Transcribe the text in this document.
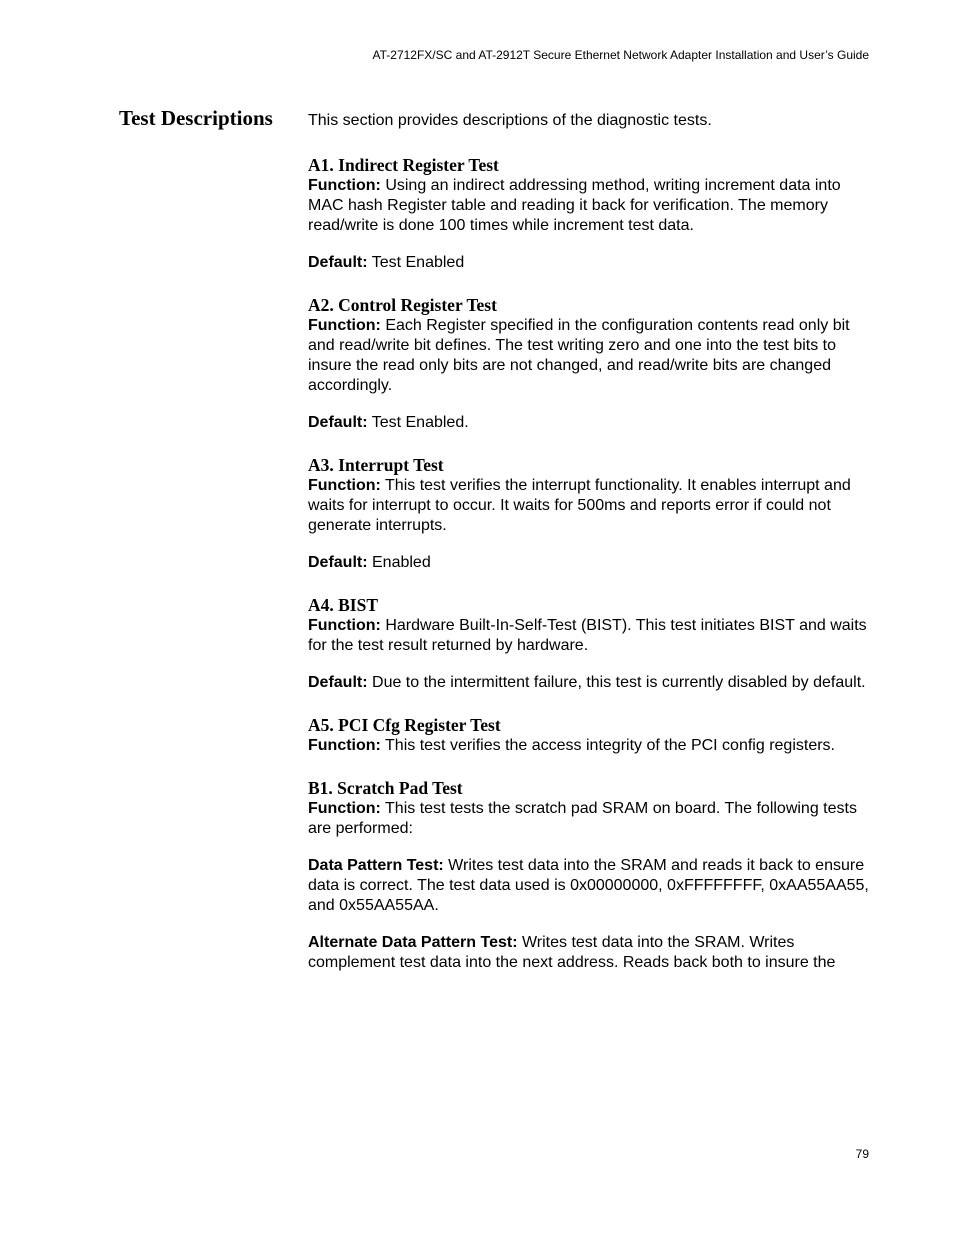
AT-2712FX/SC and AT-2912T Secure Ethernet Network Adapter Installation and User’s Guide
Test Descriptions This section provides descriptions of the diagnostic tests.

A1. Indirect Register Test

Function: Using an indirect addressing method, writing increment data into MAC hash Register table and reading it back for verification. The memory read/write is done 100 times while increment test data.

Default: Test Enabled

A2. Control Register Test

Function: Each Register specified in the configuration contents read only bit and read/write bit defines. The test writing zero and one into the test bits to insure the read only bits are not changed, and read/write bits are changed accordingly.

Default: Test Enabled.

A3. Interrupt Test

Function: This test verifies the interrupt functionality. It enables interrupt and waits for interrupt to occur. It waits for 500ms and reports error if could not generate interrupts.

Default: Enabled

A4. BIST

Function: Hardware Built-In-Self-Test (BIST). This test initiates BIST and waits for the test result returned by hardware.

Default: Due to the intermittent failure, this test is currently disabled by default.

A5. PCI Cfg Register Test

Function: This test verifies the access integrity of the PCI config registers.

B1. Scratch Pad Test

Function: This test tests the scratch pad SRAM on board. The following tests are performed:

Data Pattern Test: Writes test data into the SRAM and reads it back to ensure data is correct. The test data used is 0x00000000, 0xFFFFFFFF, 0xAA55AA55, and 0x55AA55AA.

Alternate Data Pattern Test: Writes test data into the SRAM. Writes complement test data into the next address. Reads back both to insure the

79
